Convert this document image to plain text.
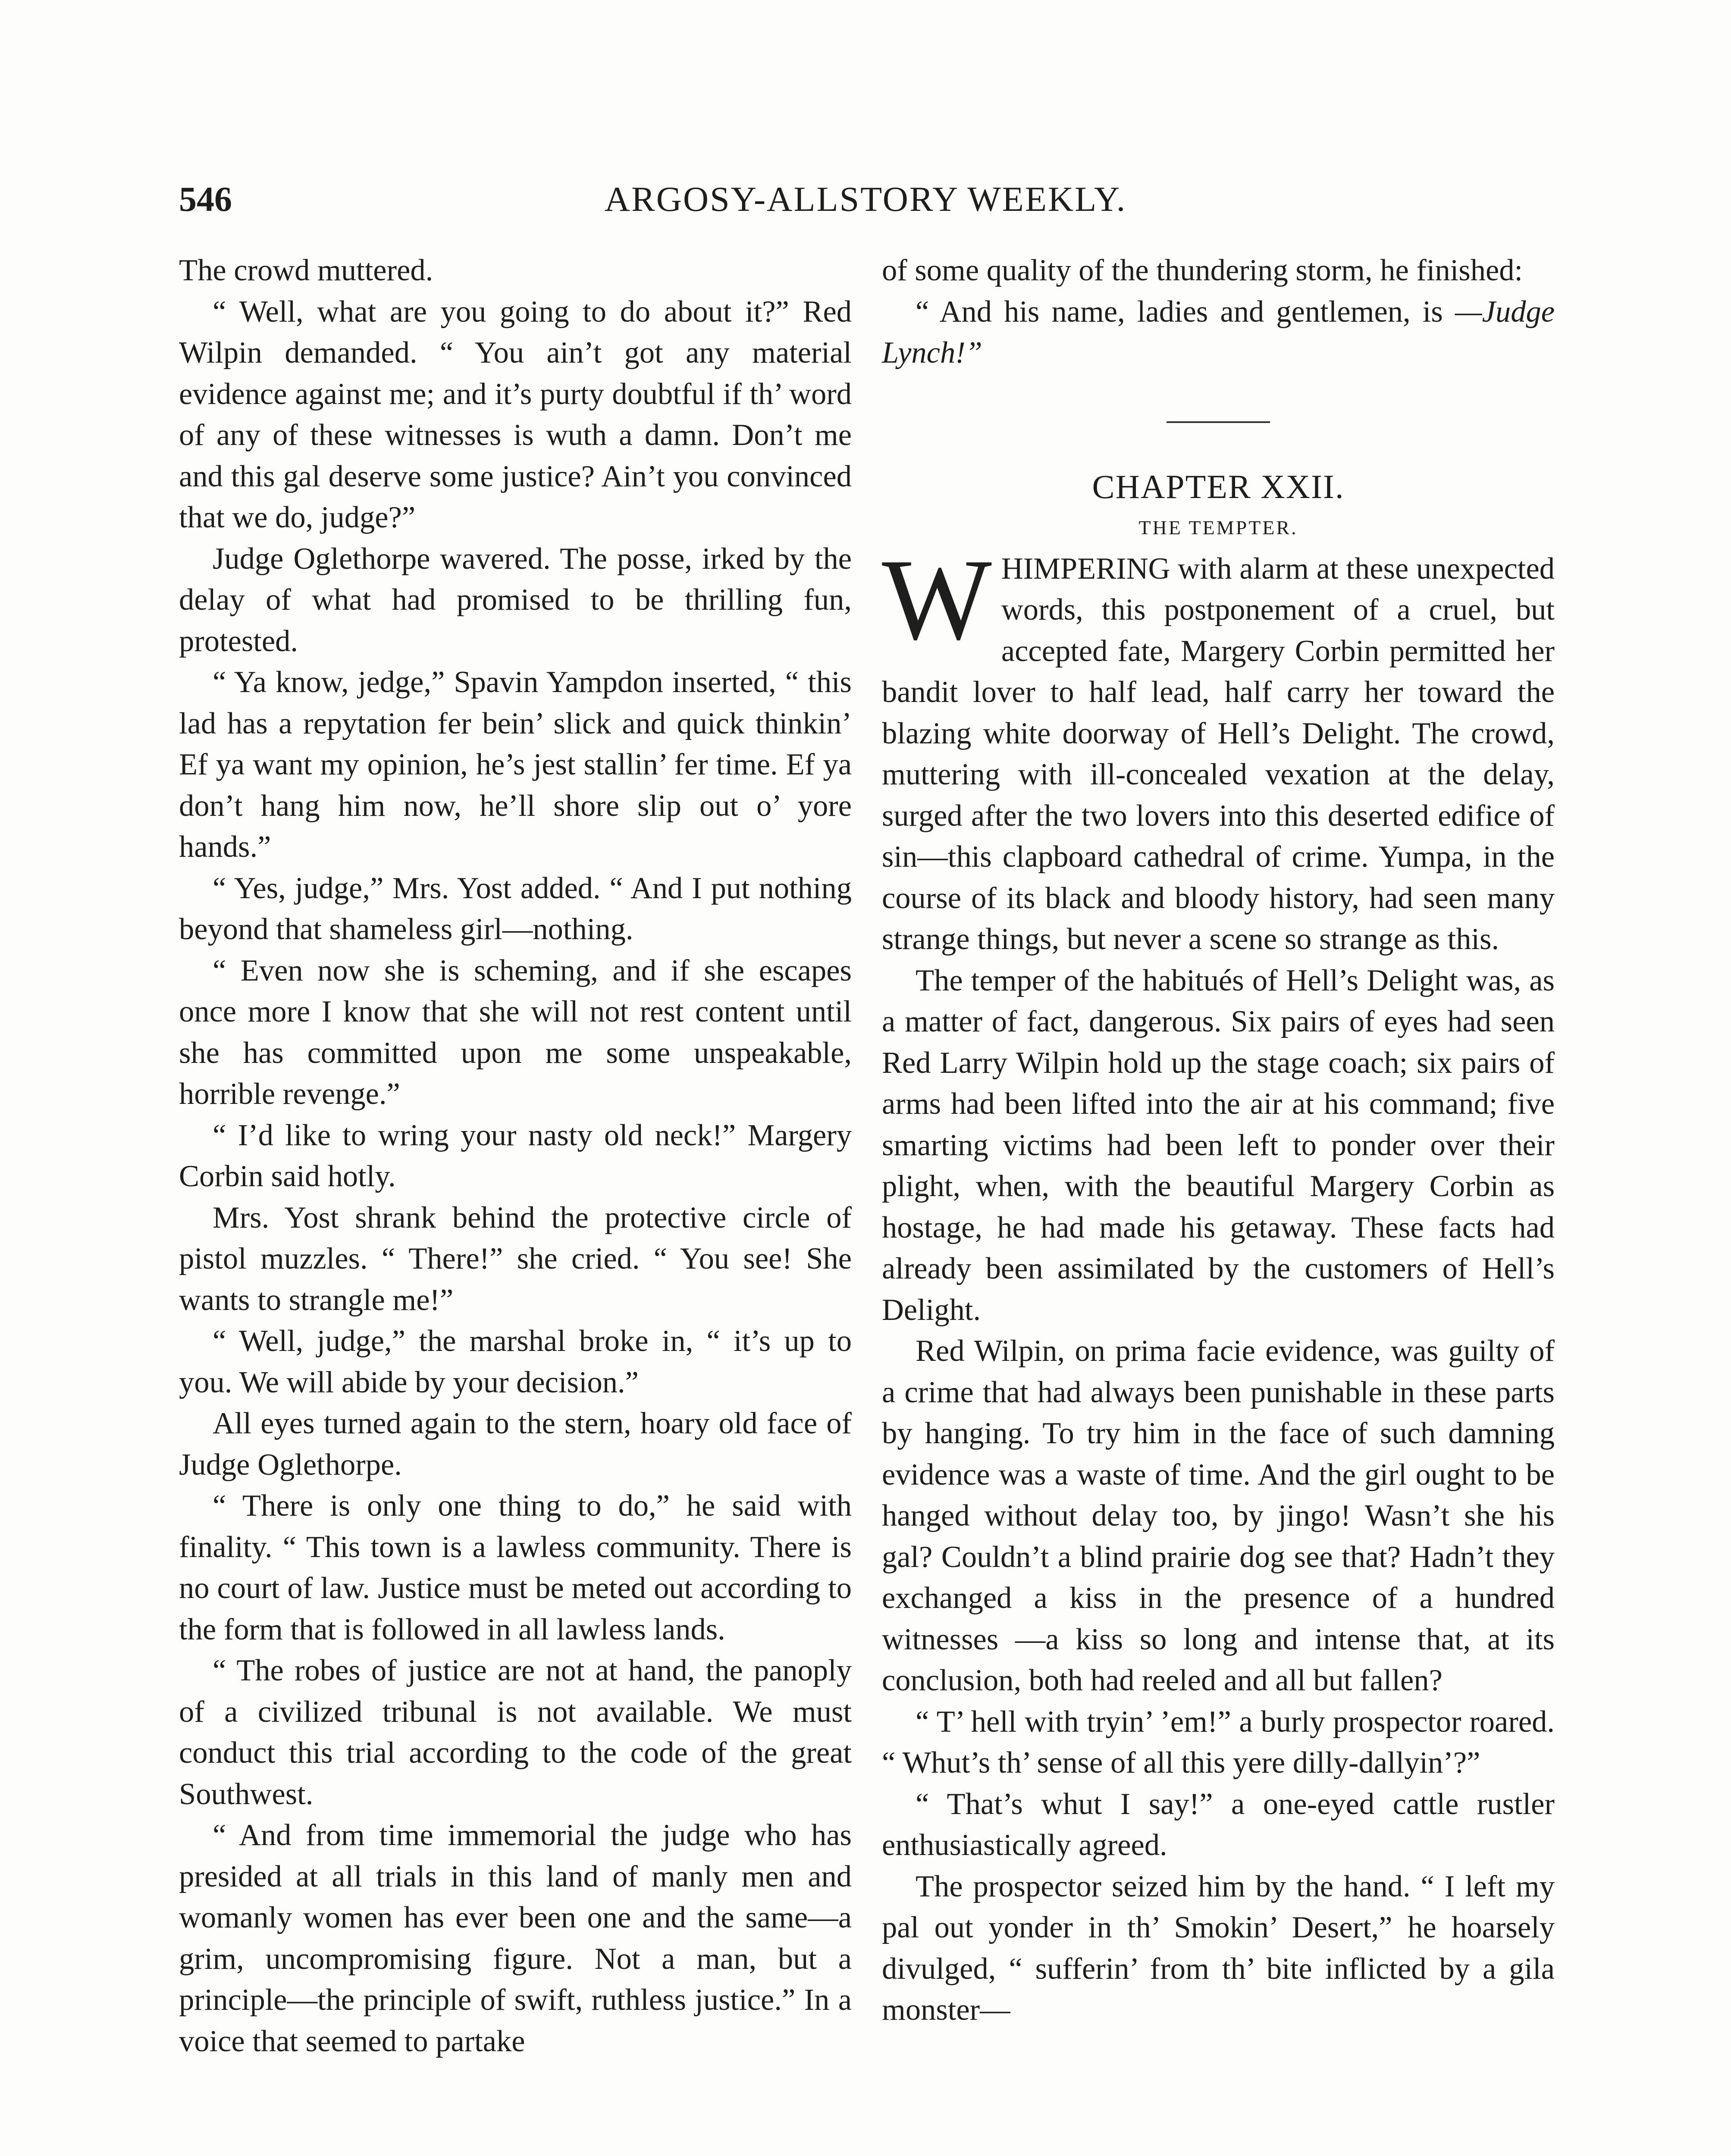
546	ARGOSY-ALLSTORY WEEKLY.

The crowd muttered.

“ Well, what are you going to do about it?” Red Wilpin demanded. “ You ain’t got any material evidence against me; and it’s purty doubtful if th’ word of any of these witnesses is wuth a damn. Don’t me and this gal deserve some justice? Ain’t you convinced that we do, judge?”

Judge Oglethorpe wavered. The posse, irked by the delay of what had promised to be thrilling fun, protested.

“ Ya know, jedge,” Spavin Yampdon inserted, “ this lad has a repytation fer bein’ slick and quick thinkin’ Ef ya want my opinion, he’s jest stallin’ fer time. Ef ya don’t hang him now, he’ll shore slip out o’ yore hands.”

“ Yes, judge,” Mrs. Yost added. “ And I put nothing beyond that shameless girl—nothing.

“ Even now she is scheming, and if she escapes once more I know that she will not rest content until she has committed upon me some unspeakable, horrible revenge.”

“ I’d like to wring your nasty old neck!” Margery Corbin said hotly.

Mrs. Yost shrank behind the protective circle of pistol muzzles. “ There!” she cried. “ You see! She wants to strangle me!”

“ Well, judge,” the marshal broke in, “ it’s up to you. We will abide by your decision.”

All eyes turned again to the stern, hoary old face of Judge Oglethorpe.

“ There is only one thing to do,” he said with finality. “ This town is a lawless community. There is no court of law. Justice must be meted out according to the form that is followed in all lawless lands.

“ The robes of justice are not at hand, the panoply of a civilized tribunal is not available. We must conduct this trial according to the code of the great Southwest.

“ And from time immemorial the judge who has presided at all trials in this land of manly men and womanly women has ever been one and the same—a grim, uncompromising figure. Not a man, but a principle—the principle of swift, ruthless justice.” In a voice that seemed to partake

of some quality of the thundering storm, he finished:

“ And his name, ladies and gentlemen, is —Judge Lynch!”

CHAPTER XXII.

THE TEMPTER.

WHIMPERING with alarm at these unexpected words, this postponement of a cruel, but accepted fate, Margery Corbin permitted her bandit lover to half lead, half carry her toward the blazing white doorway of Hell’s Delight. The crowd, muttering with ill-concealed vexation at the delay, surged after the two lovers into this deserted edifice of sin—this clapboard cathedral of crime. Yumpa, in the course of its black and bloody history, had seen many strange things, but never a scene so strange as this.

The temper of the habitués of Hell’s Delight was, as a matter of fact, dangerous. Six pairs of eyes had seen Red Larry Wilpin hold up the stage coach; six pairs of arms had been lifted into the air at his command; five smarting victims had been left to ponder over their plight, when, with the beautiful Margery Corbin as hostage, he had made his getaway. These facts had already been assimilated by the customers of Hell’s Delight.

Red Wilpin, on prima facie evidence, was guilty of a crime that had always been punishable in these parts by hanging. To try him in the face of such damning evidence was a waste of time. And the girl ought to be hanged without delay too, by jingo! Wasn’t she his gal? Couldn’t a blind prairie dog see that? Hadn’t they exchanged a kiss in the presence of a hundred witnesses —a kiss so long and intense that, at its conclusion, both had reeled and all but fallen?

“ T’ hell with tryin’ ’em!” a burly prospector roared. “ Whut’s th’ sense of all this yere dilly-dallyin’?”

“ That’s whut I say!” a one-eyed cattle rustler enthusiastically agreed.

The prospector seized him by the hand. “ I left my pal out yonder in th’ Smokin’ Desert,” he hoarsely divulged, “ sufferin’ from th’ bite inflicted by a gila monster—
